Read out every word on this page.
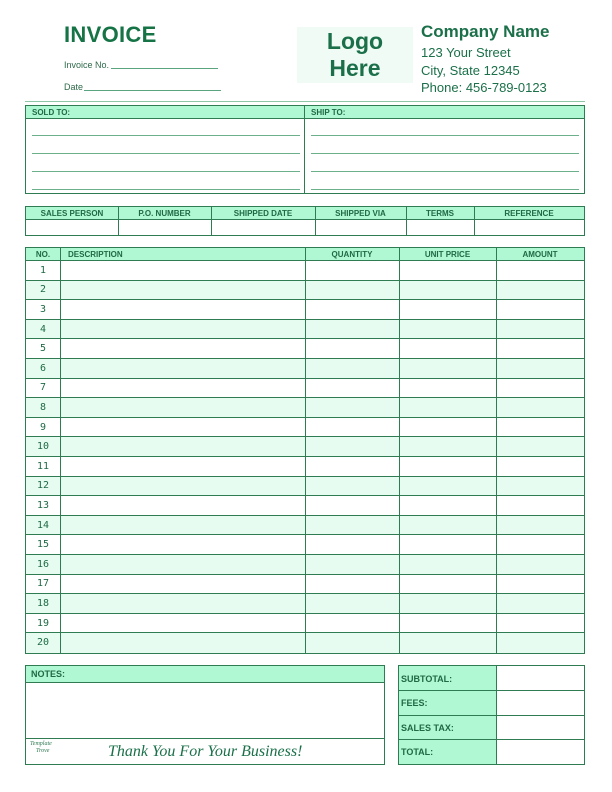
INVOICE
Invoice No.
Date
Logo
Here
Company Name
123 Your Street
City, State 12345
Phone: 456-789-0123
SOLD TO:	SHIP TO:
SALES PERSON	P.O. NUMBER	SHIPPED DATE	SHIPPED VIA	TERMS	REFERENCE
NO.	DESCRIPTION	QUANTITY	UNIT PRICE	AMOUNT
1
2
3
4
5
6
7
8
9
10
11
12
13
14
15
16
17
18
19
20
NOTES:
Template
Trove	Thank You For Your Business!
SUBTOTAL:
FEES:
SALES TAX:
TOTAL:
